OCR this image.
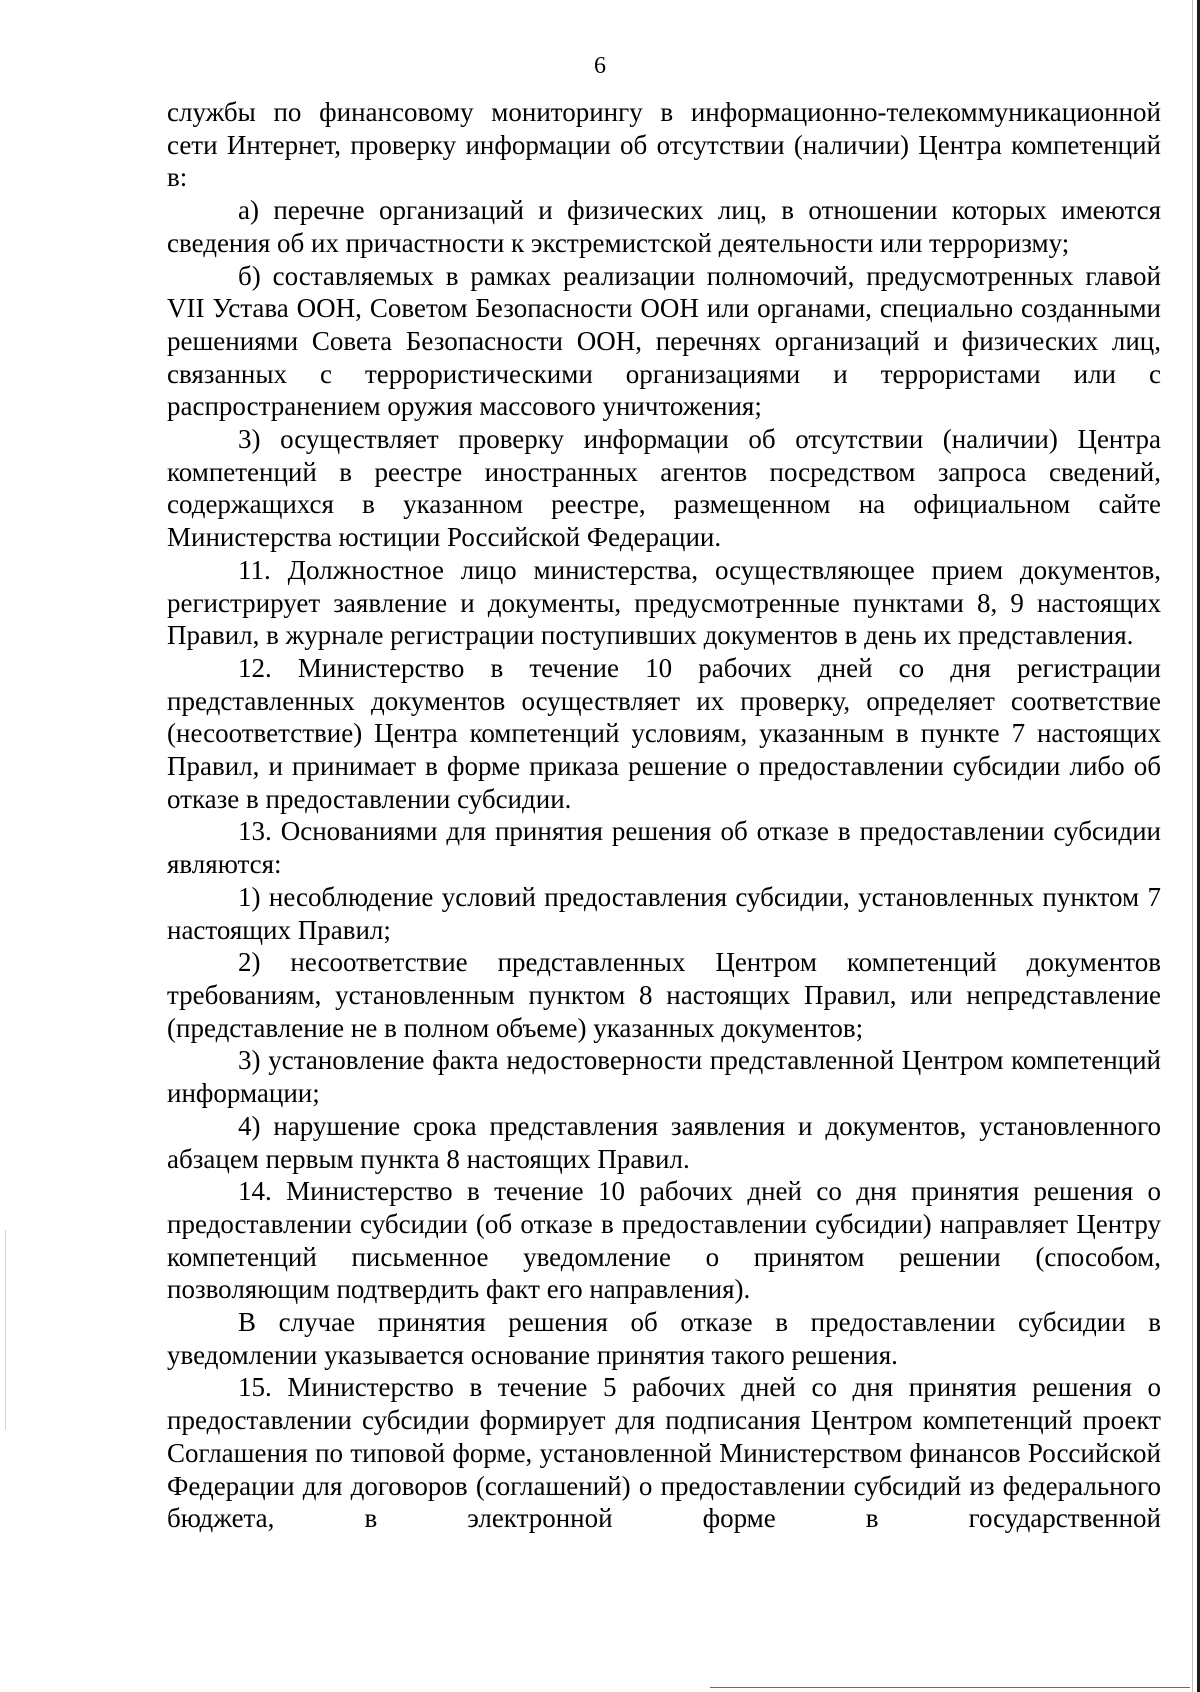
6

службы по финансовому мониторингу в информационно-телекоммуникационной сети Интернет, проверку информации об отсутствии (наличии) Центра компетенций в:

а) перечне организаций и физических лиц, в отношении которых имеются сведения об их причастности к экстремистской деятельности или терроризму;

б) составляемых в рамках реализации полномочий, предусмотренных главой VII Устава ООН, Советом Безопасности ООН или органами, специально созданными решениями Совета Безопасности ООН, перечнях организаций и физических лиц, связанных с террористическими организациями и террористами или с распространением оружия массового уничтожения;

3) осуществляет проверку информации об отсутствии (наличии) Центра компетенций в реестре иностранных агентов посредством запроса сведений, содержащихся в указанном реестре, размещенном на официальном сайте Министерства юстиции Российской Федерации.

11. Должностное лицо министерства, осуществляющее прием документов, регистрирует заявление и документы, предусмотренные пунктами 8, 9 настоящих Правил, в журнале регистрации поступивших документов в день их представления.

12. Министерство в течение 10 рабочих дней со дня регистрации представленных документов осуществляет их проверку, определяет соответствие (несоответствие) Центра компетенций условиям, указанным в пункте 7 настоящих Правил, и принимает в форме приказа решение о предоставлении субсидии либо об отказе в предоставлении субсидии.

13. Основаниями для принятия решения об отказе в предоставлении субсидии являются:

1) несоблюдение условий предоставления субсидии, установленных пунктом 7 настоящих Правил;

2) несоответствие представленных Центром компетенций документов требованиям, установленным пунктом 8 настоящих Правил, или непредставление (представление не в полном объеме) указанных документов;

3) установление факта недостоверности представленной Центром компетенций информации;

4) нарушение срока представления заявления и документов, установленного абзацем первым пункта 8 настоящих Правил.

14. Министерство в течение 10 рабочих дней со дня принятия решения о предоставлении субсидии (об отказе в предоставлении субсидии) направляет Центру компетенций письменное уведомление о принятом решении (способом, позволяющим подтвердить факт его направления).

В случае принятия решения об отказе в предоставлении субсидии в уведомлении указывается основание принятия такого решения.

15. Министерство в течение 5 рабочих дней со дня принятия решения о предоставлении субсидии формирует для подписания Центром компетенций проект Соглашения по типовой форме, установленной Министерством финансов Российской Федерации для договоров (соглашений) о предоставлении субсидий из федерального бюджета, в электронной форме в государственной
